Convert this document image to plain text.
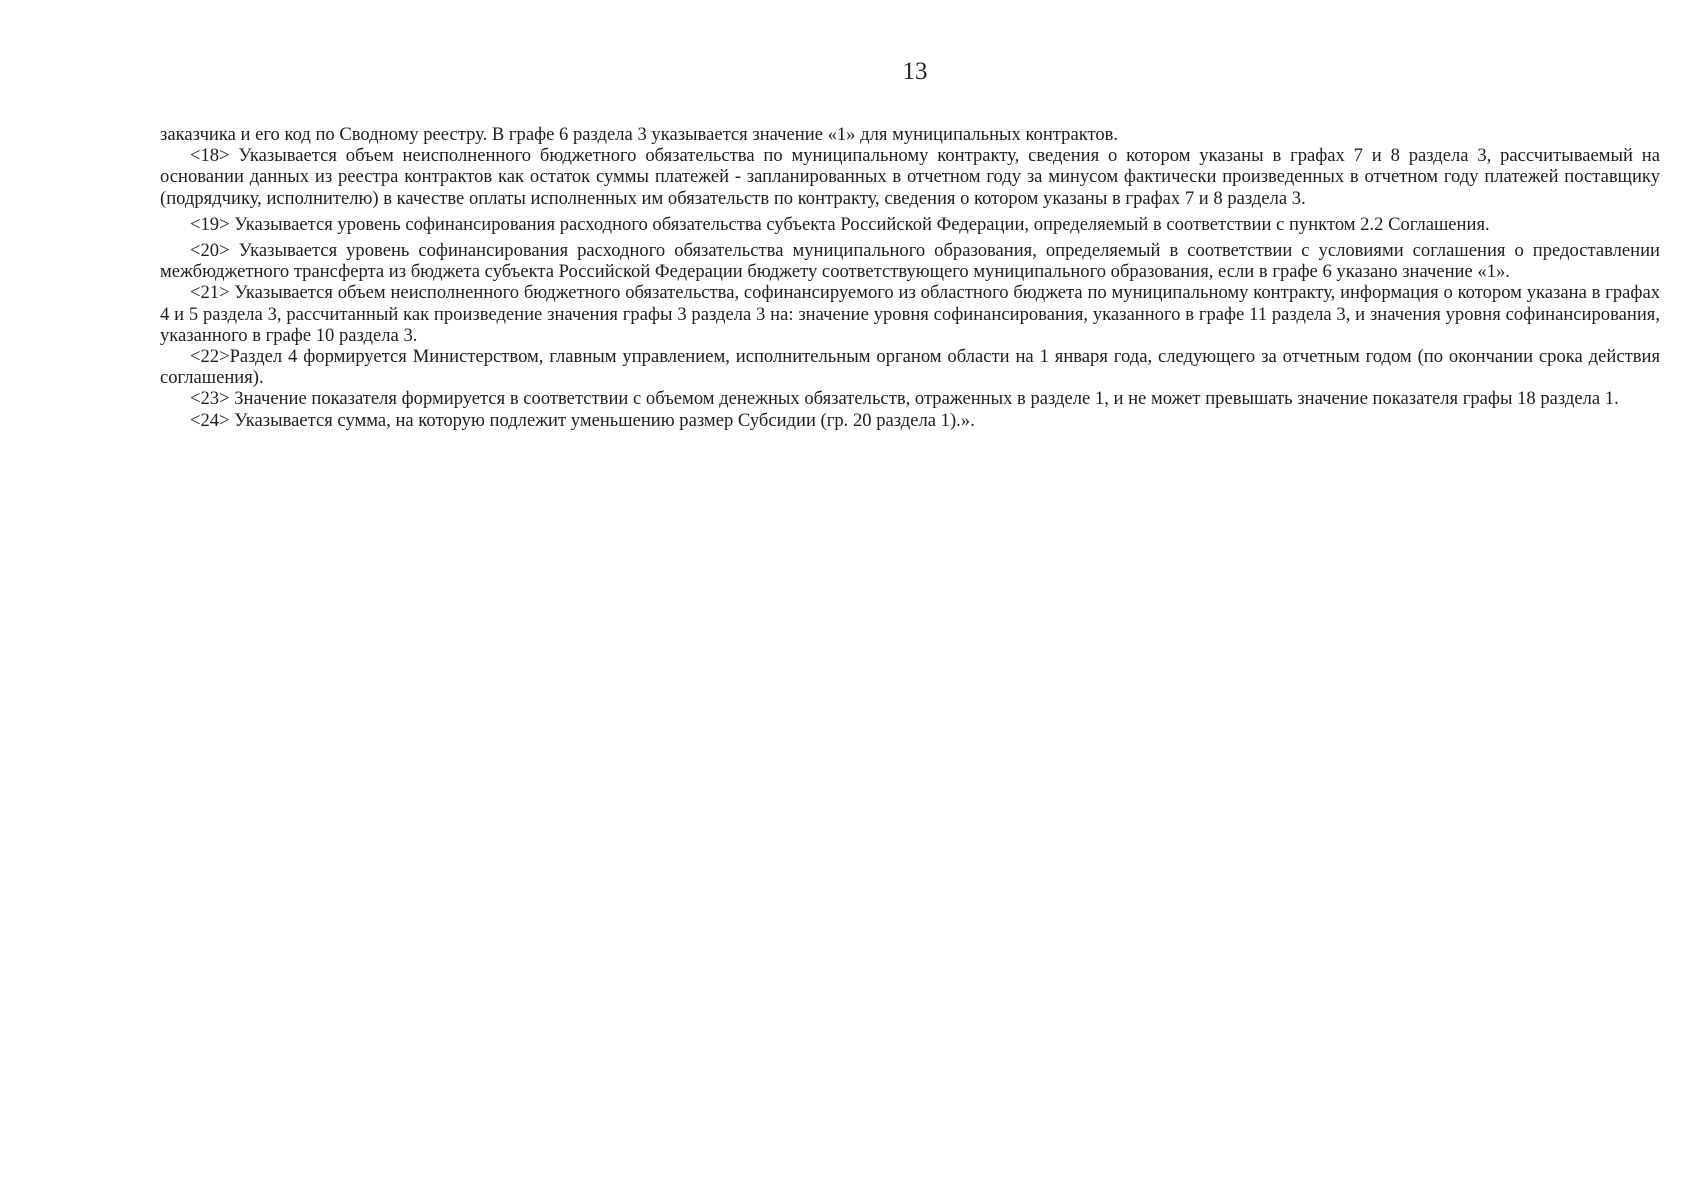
13

заказчика и его код по Сводному реестру. В графе 6 раздела 3 указывается значение «1» для муниципальных контрактов.

<18> Указывается объем неисполненного бюджетного обязательства по муниципальному контракту, сведения о котором указаны в графах 7 и 8 раздела 3, рассчитываемый на основании данных из реестра контрактов как остаток суммы платежей - запланированных в отчетном году за минусом фактически произведенных в отчетном году платежей поставщику (подрядчику, исполнителю) в качестве оплаты исполненных им обязательств по контракту, сведения о котором указаны в графах 7 и 8 раздела 3.

<19> Указывается уровень софинансирования расходного обязательства субъекта Российской Федерации, определяемый в соответствии с пунктом 2.2 Соглашения.

<20> Указывается уровень софинансирования расходного обязательства муниципального образования, определяемый в соответствии с условиями соглашения о предоставлении межбюджетного трансферта из бюджета субъекта Российской Федерации бюджету соответствующего муниципального образования, если в графе 6 указано значение «1».

<21> Указывается объем неисполненного бюджетного обязательства, софинансируемого из областного бюджета по муниципальному контракту, информация о котором указана в графах 4 и 5 раздела 3, рассчитанный как произведение значения графы 3 раздела 3 на: значение уровня софинансирования, указанного в графе 11 раздела 3, и значения уровня софинансирования, указанного в графе 10 раздела 3.

<22>Раздел 4 формируется Министерством, главным управлением, исполнительным органом области на 1 января года, следующего за отчетным годом (по окончании срока действия соглашения).

<23> Значение показателя формируется в соответствии с объемом денежных обязательств, отраженных в разделе 1, и не может превышать значение показателя графы 18 раздела 1.

<24> Указывается сумма, на которую подлежит уменьшению размер Субсидии (гр. 20 раздела 1).».
